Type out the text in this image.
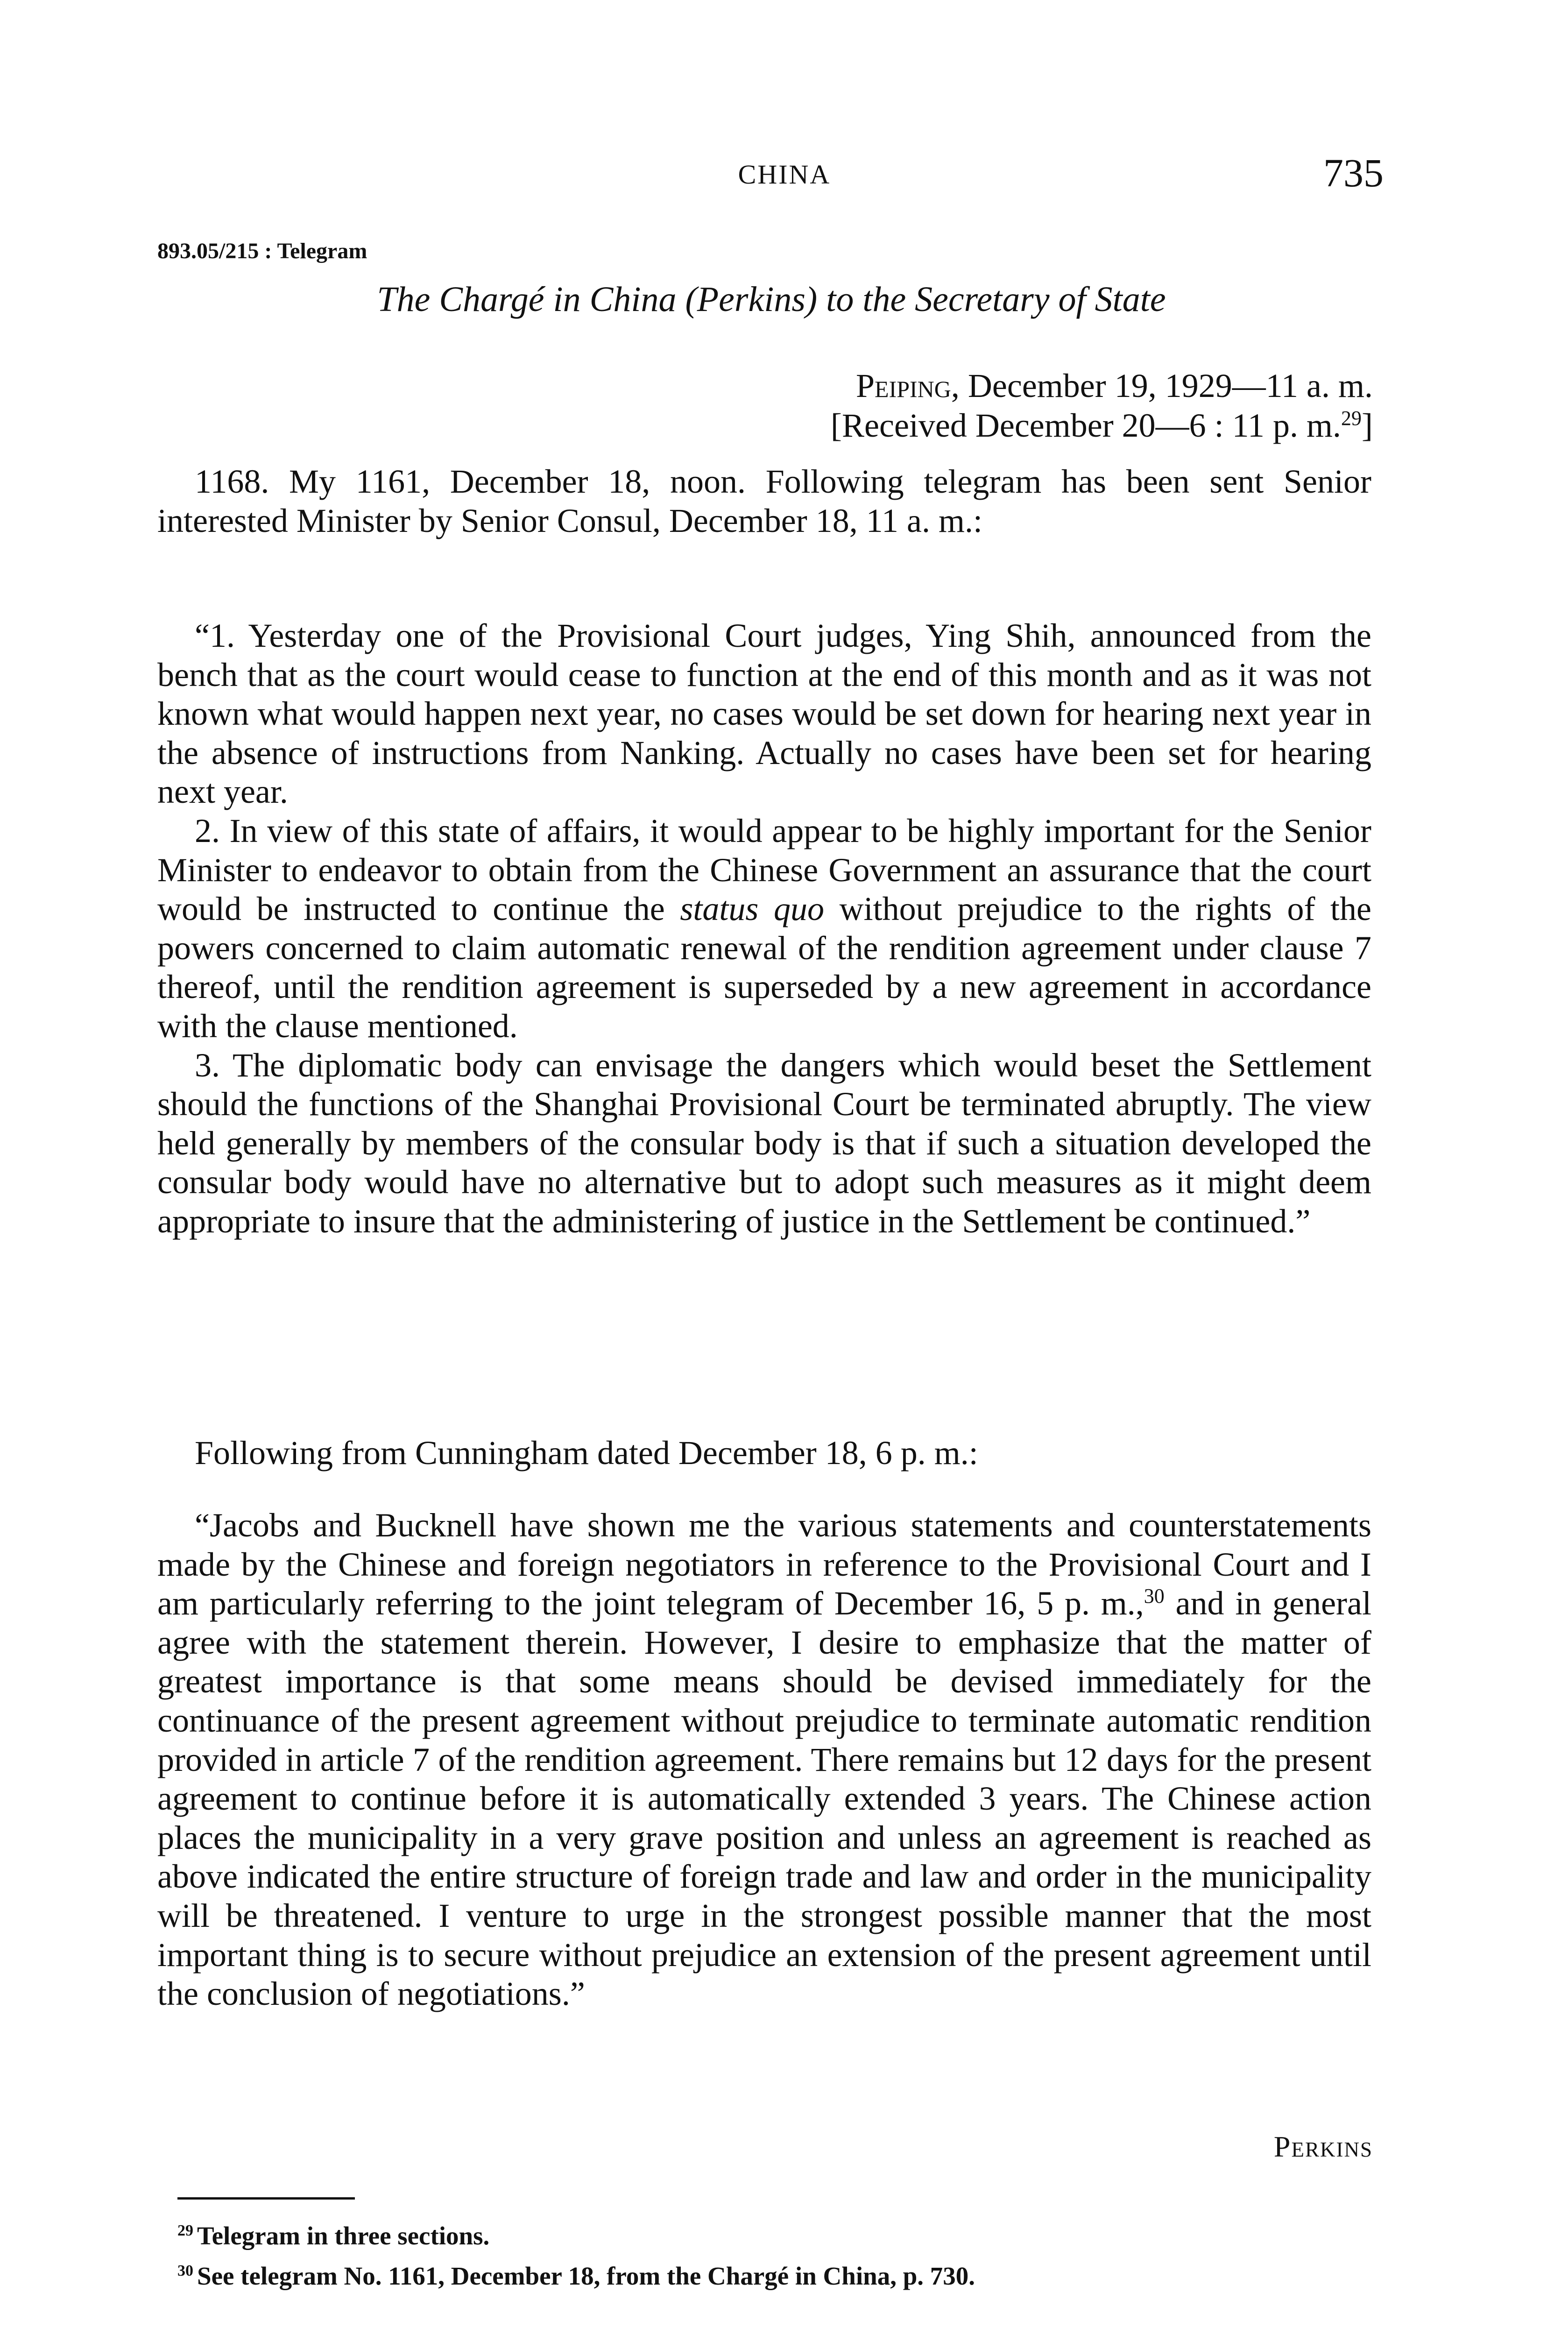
CHINA	735
893.05/215 : Telegram
The Chargé in China (Perkins) to the Secretary of State
Peiping, December 19, 1929—11 a. m.
[Received December 20—6 : 11 p. m.$^{29}$]

1168. My 1161, December 18, noon. Following telegram has been sent Senior interested Minister by Senior Consul, December 18, 11 a. m.:

“1. Yesterday one of the Provisional Court judges, Ying Shih, announced from the bench that as the court would cease to function at the end of this month and as it was not known what would happen next year, no cases would be set down for hearing next year in the absence of instructions from Nanking. Actually no cases have been set for hearing next year.

2. In view of this state of affairs, it would appear to be highly important for the Senior Minister to endeavor to obtain from the Chinese Government an assurance that the court would be instructed to continue the status quo without prejudice to the rights of the powers concerned to claim automatic renewal of the rendition agreement under clause 7 thereof, until the rendition agreement is superseded by a new agreement in accordance with the clause mentioned.

3. The diplomatic body can envisage the dangers which would beset the Settlement should the functions of the Shanghai Provisional Court be terminated abruptly. The view held generally by members of the consular body is that if such a situation developed the consular body would have no alternative but to adopt such measures as it might deem appropriate to insure that the administering of justice in the Settlement be continued.”

Following from Cunningham dated December 18, 6 p. m.:

“Jacobs and Bucknell have shown me the various statements and counterstatements made by the Chinese and foreign negotiators in reference to the Provisional Court and I am particularly referring to the joint telegram of December 16, 5 p. m.,$^{30}$ and in general agree with the statement therein. However, I desire to emphasize that the matter of greatest importance is that some means should be devised immediately for the continuance of the present agreement without prejudice to terminate automatic rendition provided in article 7 of the rendition agreement. There remains but 12 days for the present agreement to continue before it is automatically extended 3 years. The Chinese action places the municipality in a very grave position and unless an agreement is reached as above indicated the entire structure of foreign trade and law and order in the municipality will be threatened. I venture to urge in the strongest possible manner that the most important thing is to secure without prejudice an extension of the present agreement until the conclusion of negotiations.”

Perkins

$^{29}$ Telegram in three sections.

$^{30}$ See telegram No. 1161, December 18, from the Chargé in China, p. 730.
